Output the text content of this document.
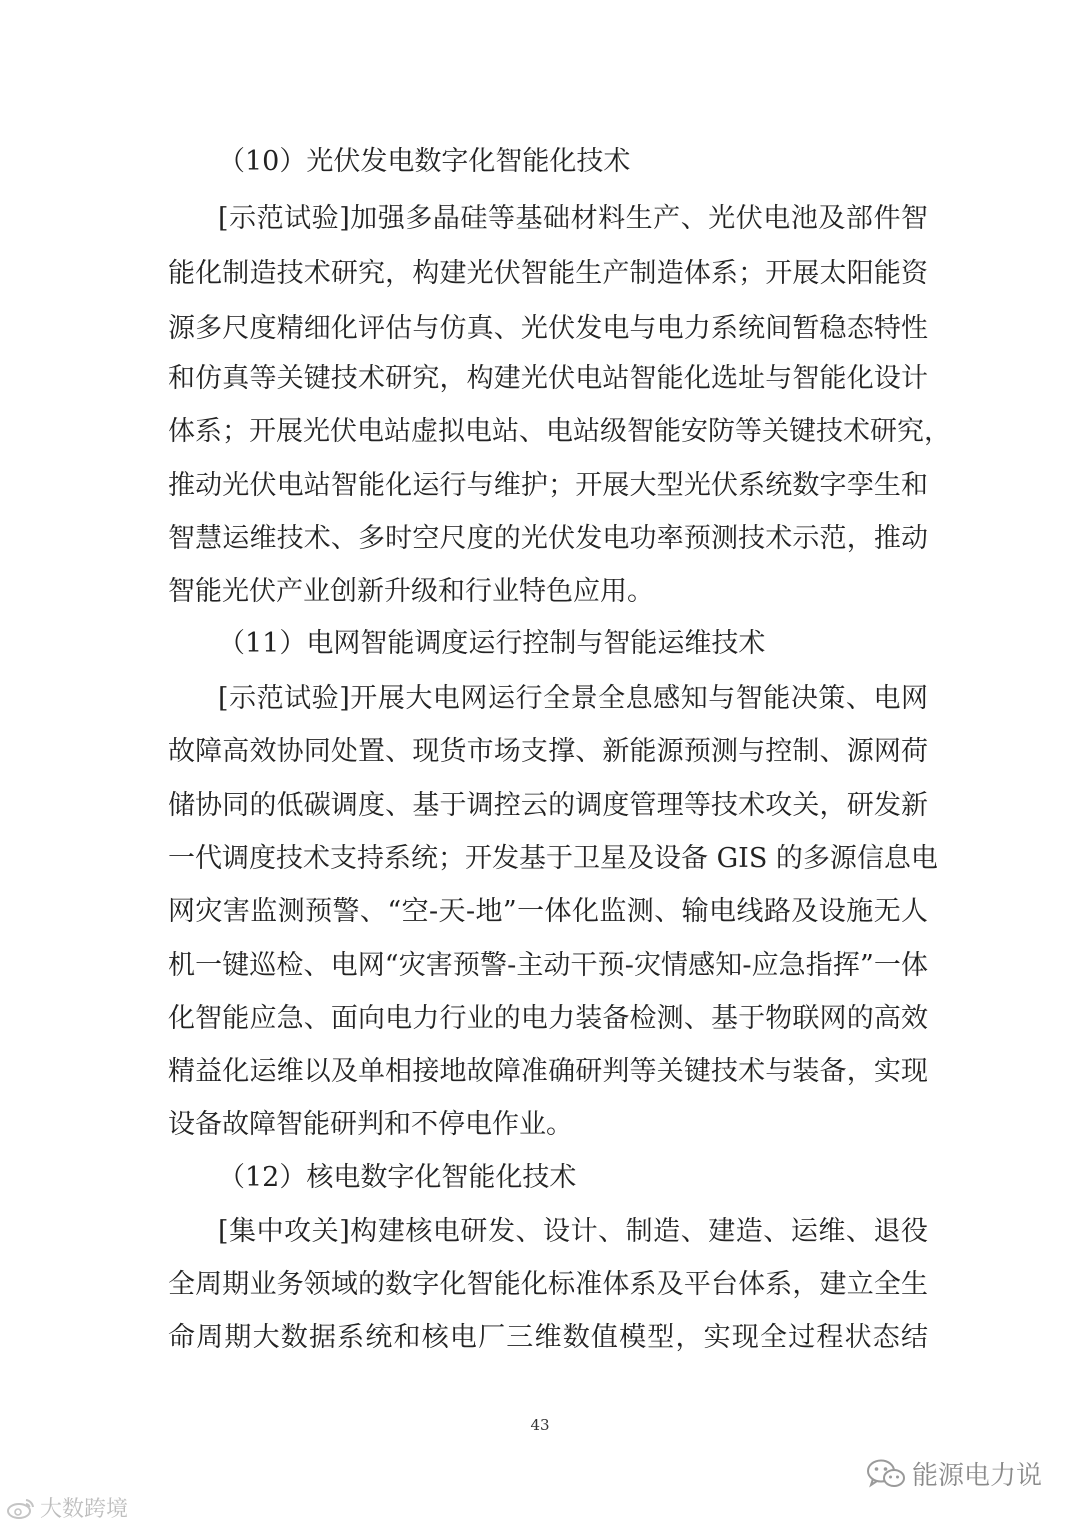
（10）光伏发电数字化智能化技术
[示范试验]加强多晶硅等基础材料生产、光伏电池及部件智
能化制造技术研究，构建光伏智能生产制造体系；开展太阳能资
源多尺度精细化评估与仿真、光伏发电与电力系统间暂稳态特性
和仿真等关键技术研究，构建光伏电站智能化选址与智能化设计
体系；开展光伏电站虚拟电站、电站级智能安防等关键技术研究，
推动光伏电站智能化运行与维护；开展大型光伏系统数字孪生和
智慧运维技术、多时空尺度的光伏发电功率预测技术示范，推动
智能光伏产业创新升级和行业特色应用。
（11）电网智能调度运行控制与智能运维技术
[示范试验]开展大电网运行全景全息感知与智能决策、电网
故障高效协同处置、现货市场支撑、新能源预测与控制、源网荷
储协同的低碳调度、基于调控云的调度管理等技术攻关，研发新
一代调度技术支持系统；开发基于卫星及设备 GIS 的多源信息电
网灾害监测预警、“空-天-地”一体化监测、输电线路及设施无人
机一键巡检、电网“灾害预警-主动干预-灾情感知-应急指挥”一体
化智能应急、面向电力行业的电力装备检测、基于物联网的高效
精益化运维以及单相接地故障准确研判等关键技术与装备，实现
设备故障智能研判和不停电作业。
（12）核电数字化智能化技术
[集中攻关]构建核电研发、设计、制造、建造、运维、退役
全周期业务领域的数字化智能化标准体系及平台体系，建立全生
命周期大数据系统和核电厂三维数值模型，实现全过程状态结
43
能源电力说
大数跨境
